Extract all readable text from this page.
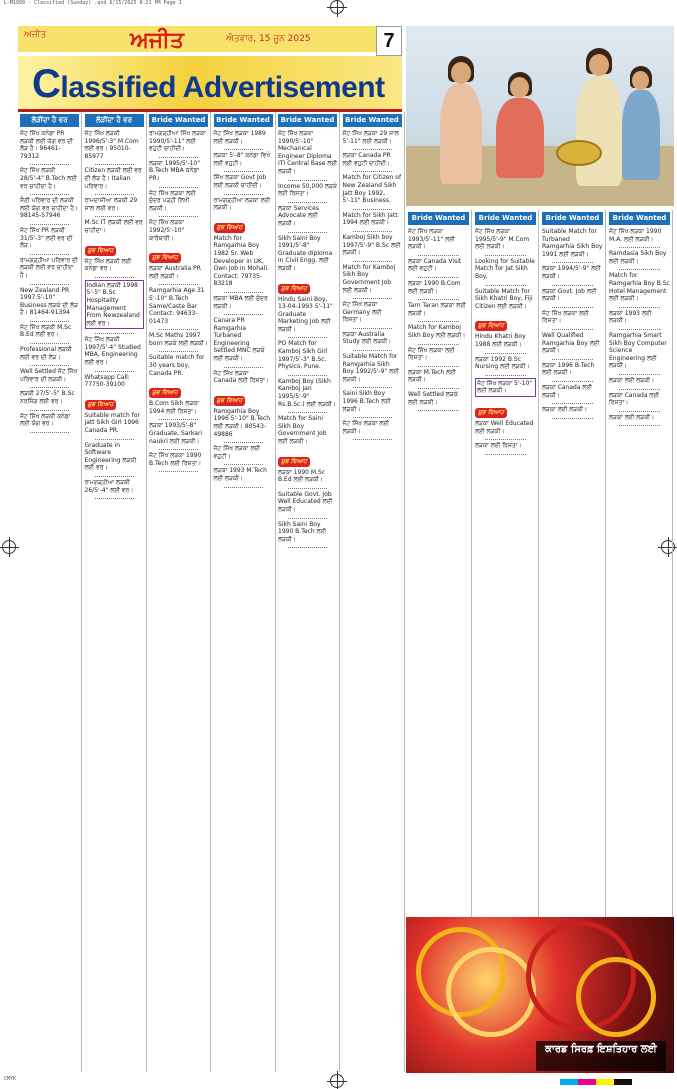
L-M1099 - Classified (Sunday) .qxd 6/15/2025 8:21 PM Page 1
ਅਜੀਤ	ਅਜੀਤ	ਐਤਵਾਰ, 15 ਜੂਨ 2025	7
Classified Advertisement
ਲੋੜੀਂਦਾ ਹੈ ਵਰ
ਜੱਟ ਸਿੱਖ ਕਨੇਡਾ PR ਲੜਕੀ ਲਈ ਯੋਗ ਵਰ ਦੀ ਲੋੜ ਹੈ। 96461-79312
ਜੱਟ ਸਿੱਖ ਲੜਕੀ 28/5'-4" B.Tech ਲਈ ਵਰ ਚਾਹੀਦਾ ਹੈ।
ਸੈਣੀ ਪਰਿਵਾਰ ਦੀ ਲੜਕੀ ਲਈ ਯੋਗ ਵਰ ਚਾਹੀਦਾ ਹੈ। 98145-57946
ਜੱਟ ਸਿੱਖ PR ਲੜਕੀ 31/5'-3" ਲਈ ਵਰ ਦੀ ਲੋੜ।
ਰਾਮਗੜ੍ਹੀਆ ਪਰਿਵਾਰ ਦੀ ਲੜਕੀ ਲਈ ਵਰ ਚਾਹੀਦਾ ਹੈ।
New Zealand PR 1997 5'-10" Business ਲੜਕੇ ਦੀ ਲੋੜ ਹੈ। 81464-91394
ਜੱਟ ਸਿੱਖ ਲੜਕੀ M.Sc B.Ed ਲਈ ਵਰ।
Professional ਲੜਕੀ ਲਈ ਵਰ ਦੀ ਲੋੜ।
Well Settled ਜੱਟ ਸਿੱਖ ਪਰਿਵਾਰ ਦੀ ਲੜਕੀ।
ਲੜਕੀ 27/5'-5" B.Sc ਨਰਸਿੰਗ ਲਈ ਵਰ।
ਜੱਟ ਸਿੱਖ ਲੜਕੀ ਕਨੇਡਾ ਲਈ ਯੋਗ ਵਰ।
ਲੋੜੀਂਦਾ ਹੈ ਵਰ
ਜੱਟ ਸਿੱਖ ਲੜਕੀ 1996/5'-3" M.Com ਲਈ ਵਰ। 95010-85977
Citizen ਲੜਕੀ ਲਈ ਵਰ ਦੀ ਲੋੜ ਹੈ। Italian ਪਰਿਵਾਰ।
ਰਾਮਦਾਸੀਆ ਲੜਕੀ 29 ਸਾਲ ਲਈ ਵਰ।
M.Sc IT ਲੜਕੀ ਲਈ ਵਰ ਚਾਹੀਦਾ।
ਸ਼ੁਭ ਵਿਆਹ
ਜੱਟ ਸਿੱਖ ਲੜਕੀ ਲਈ ਕਨੇਡਾ ਵਰ।
Indian ਲੜਕੀ 1998 5'-5" B.Sc Hospitality Management From Newzealand ਲਈ ਵਰ।
ਜੱਟ ਸਿੱਖ ਲੜਕੀ 1997/5'-4" Studied MBA, Engineering ਲਈ ਵਰ।
Whatsapp Call: 77750-39100
ਸ਼ੁਭ ਵਿਆਹ
Suitable match for Jatt Sikh Girl 1996 Canada PR.
Graduate in Software Engineering ਲੜਕੀ ਲਈ ਵਰ।
ਰਾਮਗੜ੍ਹੀਆ ਲੜਕੀ 26/5'-4" ਲਈ ਵਰ।
Bride Wanted
ਰਾਮਗੜ੍ਹੀਆ ਸਿੱਖ ਲੜਕਾ 1990/5'-11" ਲਈ ਵਹੁਟੀ ਚਾਹੀਦੀ।
ਲੜਕਾ 1995/5'-10" B.Tech MBA ਕਨੇਡਾ PR।
ਜੱਟ ਸਿੱਖ ਲੜਕਾ ਲਈ ਸੁੰਦਰ ਪੜ੍ਹੀ ਲਿਖੀ ਲੜਕੀ।
ਜੱਟ ਸਿੱਖ ਲੜਕਾ 1992/5'-10" ਕਾਰੋਬਾਰੀ।
ਸ਼ੁਭ ਵਿਆਹ
ਲੜਕਾ Australia PR ਲਈ ਲੜਕੀ।
Ramgarhia Age 31 5'-10" B.Tech Same/Caste Bar Contact: 94633-01473
M.Sc Maths 1997 born ਲੜਕੇ ਲਈ ਲੜਕੀ।
Suitable match for 30 years boy, Canada PR.
ਸ਼ੁਭ ਵਿਆਹ
B.Com Sikh ਲੜਕਾ 1994 ਲਈ ਰਿਸ਼ਤਾ।
ਲੜਕਾ 1993/5'-8" Graduate, Sarkari naukri ਲਈ ਲੜਕੀ।
ਜੱਟ ਸਿੱਖ ਲੜਕਾ 1990 B.Tech ਲਈ ਰਿਸ਼ਤਾ।
Bride Wanted
ਜੱਟ ਸਿੱਖ ਲੜਕਾ 1989 ਲਈ ਲੜਕੀ।
ਲੜਕਾ 5'-8" ਕਨੇਡਾ ਵਿਖੇ ਲਈ ਵਹੁਟੀ।
ਸਿੱਖ ਲੜਕਾ Govt Job ਲਈ ਲੜਕੀ ਚਾਹੀਦੀ।
ਰਾਮਗੜ੍ਹੀਆ ਲੜਕਾ ਲਈ ਲੜਕੀ।
ਸ਼ੁਭ ਵਿਆਹ
Match for Ramgarhia Boy 1982 Sr. Web Developer in UK, Own Job in Mohali. Contact: 79735-83218
ਲੜਕਾ MBA ਲਈ ਸੁੰਦਰ ਲੜਕੀ।
Canara PR Ramgarhia Turbaned Engineering Settled MNC ਲੜਕੇ ਲਈ ਲੜਕੀ।
ਜੱਟ ਸਿੱਖ ਲੜਕਾ Canada ਲਈ ਰਿਸ਼ਤਾ।
ਸ਼ੁਭ ਵਿਆਹ
Ramgarhia Boy 1996 5'-10" B.Tech ਲਈ ਲੜਕੀ। 80543-49886
ਜੱਟ ਸਿੱਖ ਲੜਕਾ ਲਈ ਵਹੁਟੀ।
ਲੜਕਾ 1993 M.Tech ਲਈ ਲੜਕੀ।
Bride Wanted
ਜੱਟ ਸਿੱਖ ਲੜਕਾ 1990/5'-10" Mechanical Engineer Diploma ITI Central Base ਲਈ ਲੜਕੀ।
Income 50,000 ਲੜਕੇ ਲਈ ਰਿਸ਼ਤਾ।
ਲੜਕਾ Services Advocate ਲਈ ਲੜਕੀ।
Sikh Saini Boy 1991/5'-8" Graduate diploma in Civil Engg. ਲਈ ਲੜਕੀ।
ਸ਼ੁਭ ਵਿਆਹ
Hindu Saini Boy, 13-04-1993 5'-11" Graduate Marketing Job ਲਈ ਲੜਕੀ।
PO Match for Kamboj Sikh Girl 1997/5'-3" B.Sc. Physics, Pune.
Kamboj Boy (Sikh Kamboj Jan 1995/5'-9" Rs.B.Sc.) ਲਈ ਲੜਕੀ।
Match for Saini Sikh Boy Government Job ਲਈ ਲੜਕੀ।
ਸ਼ੁਭ ਵਿਆਹ
ਲੜਕਾ 1990 M.Sc B.Ed ਲਈ ਲੜਕੀ।
Suitable Govt. Job Well Educated ਲਈ ਲੜਕੀ।
Sikh Saini Boy 1990 B.Tech ਲਈ ਲੜਕੀ।
Bride Wanted
ਜੱਟ ਸਿੱਖ ਲੜਕਾ 29 ਸਾਲ 5'-11" ਲਈ ਲੜਕੀ।
ਲੜਕਾ Canada PR ਲਈ ਵਹੁਟੀ ਚਾਹੀਦੀ।
Match for Citizen of New Zealand Sikh Jatt Boy 1992, 5'-11" Business.
Match for Sikh Jatt 1994 ਲਈ ਲੜਕੀ।
Kamboj Sikh boy 1997/5'-9" B.Sc ਲਈ ਲੜਕੀ।
Match for Kamboj Sikh Boy Government Job ਲਈ ਲੜਕੀ।
ਜੱਟ ਸਿੱਖ ਲੜਕਾ Germany ਲਈ ਰਿਸ਼ਤਾ।
ਲੜਕਾ Australia Study ਲਈ ਲੜਕੀ।
Suitable Match for Ramgarhia Sikh Boy 1992/5'-9" ਲਈ ਲੜਕੀ।
Saini Sikh Boy 1996 B.Tech ਲਈ ਲੜਕੀ।
ਜੱਟ ਸਿੱਖ ਲੜਕਾ ਲਈ ਲੜਕੀ।
Bride Wanted
ਜੱਟ ਸਿੱਖ ਲੜਕਾ 1993/5'-11" ਲਈ ਲੜਕੀ।
ਲੜਕਾ Canada Visit ਲਈ ਵਹੁਟੀ।
ਲੜਕਾ 1990 B.Com ਲਈ ਲੜਕੀ।
Tarn Taran ਲੜਕਾ ਲਈ ਲੜਕੀ।
Match for Kamboj Sikh Boy ਲਈ ਲੜਕੀ।
ਜੱਟ ਸਿੱਖ ਲੜਕਾ ਲਈ ਰਿਸ਼ਤਾ।
ਲੜਕਾ M.Tech ਲਈ ਲੜਕੀ।
Well Settled ਲੜਕੇ ਲਈ ਲੜਕੀ।
Bride Wanted
ਜੱਟ ਸਿੱਖ ਲੜਕਾ 1995/5'-9" M.Com ਲਈ ਲੜਕੀ।
Looking for Suitable Match for Jat Sikh Boy.
Suitable Match for Sikh Khatri Boy, Fiji Citizen ਲਈ ਲੜਕੀ।
ਸ਼ੁਭ ਵਿਆਹ
Hindu Khatri Boy 1988 ਲਈ ਲੜਕੀ।
ਲੜਕਾ 1992 B.Sc Nursing ਲਈ ਲੜਕੀ।
ਜੱਟ ਸਿੱਖ ਲੜਕਾ 5'-10" ਲਈ ਲੜਕੀ।
ਸ਼ੁਭ ਵਿਆਹ
ਲੜਕਾ Well Educated ਲਈ ਲੜਕੀ।
ਲੜਕਾ ਲਈ ਰਿਸ਼ਤਾ।
Bride Wanted
Suitable Match for Turbaned Ramgarhia Sikh Boy 1991 ਲਈ ਲੜਕੀ।
ਲੜਕਾ 1994/5'-9" ਲਈ ਲੜਕੀ।
ਲੜਕਾ Govt. Job ਲਈ ਲੜਕੀ।
ਜੱਟ ਸਿੱਖ ਲੜਕਾ ਲਈ ਰਿਸ਼ਤਾ।
Well Qualified Ramgarhia Boy ਲਈ ਲੜਕੀ।
ਲੜਕਾ 1996 B.Tech ਲਈ ਲੜਕੀ।
ਲੜਕਾ Canada ਲਈ ਲੜਕੀ।
ਲੜਕਾ ਲਈ ਲੜਕੀ।
Bride Wanted
ਜੱਟ ਸਿੱਖ ਲੜਕਾ 1990 M.A. ਲਈ ਲੜਕੀ।
Ramdasia Sikh Boy ਲਈ ਲੜਕੀ।
Match for Ramgarhia Boy B.Sc Hotel Management ਲਈ ਲੜਕੀ।
ਲੜਕਾ 1993 ਲਈ ਲੜਕੀ।
Ramgarhia Smart Sikh Boy Computer Science Engineering ਲਈ ਲੜਕੀ।
ਲੜਕਾ ਲਈ ਲੜਕੀ।
ਲੜਕਾ Canada ਲਈ ਰਿਸ਼ਤਾ।
ਲੜਕਾ ਲਈ ਲੜਕੀ।
ਕਾਰਡ ਸਿਰਫ਼ ਇਸ਼ਤਿਹਾਰ ਲਈ
CMYK
